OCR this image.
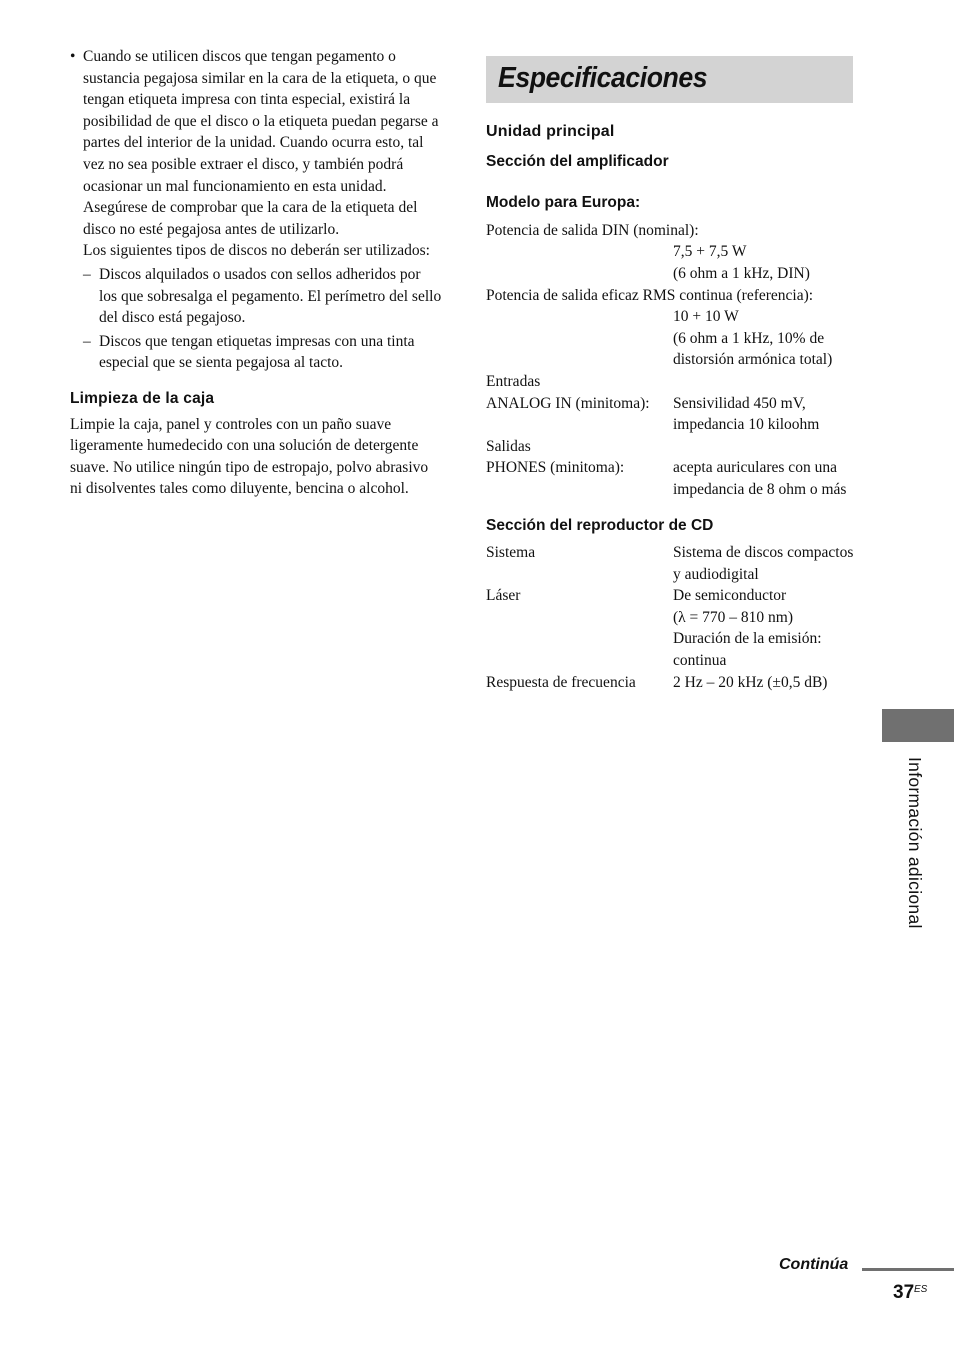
• Cuando se utilicen discos que tengan pegamento o sustancia pegajosa similar en la cara de la etiqueta, o que tengan etiqueta impresa con tinta especial, existirá la posibilidad de que el disco o la etiqueta puedan pegarse a partes del interior de la unidad. Cuando ocurra esto, tal vez no sea posible extraer el disco, y también podrá ocasionar un mal funcionamiento en esta unidad. Asegúrese de comprobar que la cara de la etiqueta del disco no esté pegajosa antes de utilizarlo.
Los siguientes tipos de discos no deberán ser utilizados:
– Discos alquilados o usados con sellos adheridos por los que sobresalga el pegamento. El perímetro del sello del disco está pegajoso.
– Discos que tengan etiquetas impresas con una tinta especial que se sienta pegajosa al tacto.
Limpieza de la caja
Limpie la caja, panel y controles con un paño suave ligeramente humedecido con una solución de detergente suave. No utilice ningún tipo de estropajo, polvo abrasivo ni disolventes tales como diluyente, bencina o alcohol.
Especificaciones
Unidad principal
Sección del amplificador
Modelo para Europa:
Potencia de salida DIN (nominal):
7,5 + 7,5 W
(6 ohm a 1 kHz, DIN)
Potencia de salida eficaz RMS continua (referencia):
10 + 10 W
(6 ohm a 1 kHz, 10% de distorsión armónica total)
Entradas
ANALOG IN (minitoma):	Sensivilidad 450 mV, impedancia 10 kiloohm
Salidas
PHONES (minitoma):	acepta auriculares con una impedancia de 8 ohm o más
Sección del reproductor de CD
Sistema	Sistema de discos compactos y audiodigital
Láser	De semiconductor
(λ = 770 – 810 nm)
Duración de la emisión: continua
Respuesta de frecuencia	2 Hz – 20 kHz (±0,5 dB)
Información adicional
Continúa
37 ES
